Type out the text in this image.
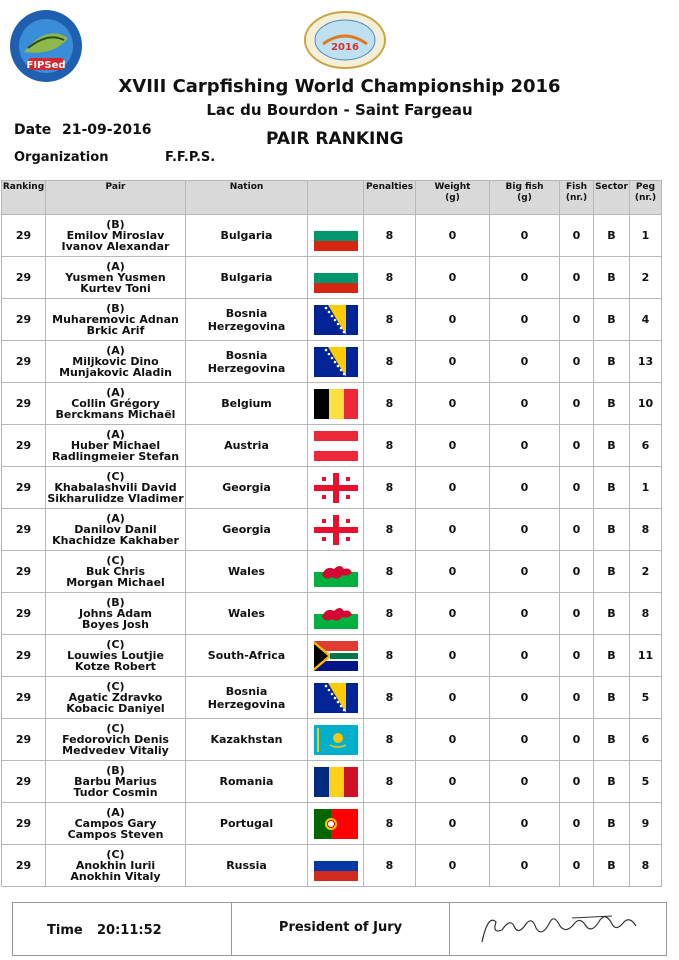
FIPSed
2016
XVIII Carpfishing World Championship 2016
Lac du Bourdon - Saint Fargeau
Date 21-09-2016	PAIR RANKING
Organization	F.F.P.S.
Ranking	Pair	Nation		Penalties	Weight
(g)	Big fish
(g)	Fish
(nr.)	Sector	Peg
(nr.)
29	(B)
Emilov Miroslav
Ivanov Alexandar	Bulgaria		8	0	0	0	B	1
29	(A)
Yusmen Yusmen
Kurtev Toni	Bulgaria		8	0	0	0	B	2
29	(B)
Muharemovic Adnan
Brkic Arif	Bosnia Herzegovina		8	0	0	0	B	4
29	(A)
Miljkovic Dino
Munjakovic Aladin	Bosnia Herzegovina		8	0	0	0	B	13
29	(A)
Collin Grégory
Berckmans Michaël	Belgium		8	0	0	0	B	10
29	(A)
Huber Michael
Radlingmeier Stefan	Austria		8	0	0	0	B	6
29	(C)
Khabalashvili David
Sikharulidze Vladimer	Georgia		8	0	0	0	B	1
29	(A)
Danilov Danil
Khachidze Kakhaber	Georgia		8	0	0	0	B	8
29	(C)
Buk Chris
Morgan Michael	Wales		8	0	0	0	B	2
29	(B)
Johns Adam
Boyes Josh	Wales		8	0	0	0	B	8
29	(C)
Louwies Loutjie
Kotze Robert	South-Africa		8	0	0	0	B	11
29	(C)
Agatic Zdravko
Kobacic Daniyel	Bosnia Herzegovina		8	0	0	0	B	5
29	(C)
Fedorovich Denis
Medvedev Vitaliy	Kazakhstan		8	0	0	0	B	6
29	(B)
Barbu Marius
Tudor Cosmin	Romania		8	0	0	0	B	5
29	(A)
Campos Gary
Campos Steven	Portugal		8	0	0	0	B	9
29	(C)
Anokhin Iurii
Anokhin Vitaly	Russia		8	0	0	0	B	8
Time 20:11:52	President of Jury
